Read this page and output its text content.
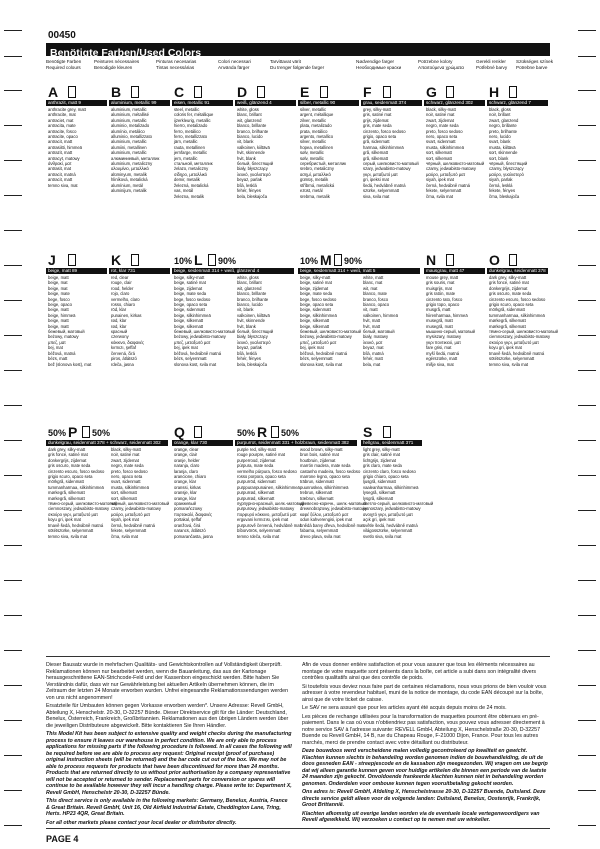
00450
Benötigte Farben/Used Colors
Benötigte Farben
Required colours
Peintures nécessaires
Benodigde kleuren
Pinturas necesarias
Tintas necessárias
Colori necessari
Använda färger
Tarvittavat värit
Du trenger følgende farger
Nødvendige farger
Необходимые краски
Potrzebne kolory
Απαιτούμενα χρώματα
Gerekli renkler
Potřebné barvy
Szükséges színek
Potrebne barve
A
anthrazit, matt 9
anthracite grey, matt
anthracite, mat
antraciet, mat
antracita, mate
antracite, fosco
antracite, opaco
antracit, matt
antrasiitti, himmeä
antrazit, matt
antracyt, matowy
άνθρακί, ματ
antrasit, mat
antracit, matná
antracit, matt
temno siva, mat
B
aluminium, metallic 99
aluminium, metallic
aluminium, métallisé
aluminium, metallic
aluminio, metalizado
alumínio, metálico
alluminio, metallizzato
aluminium, metallic
alumiini, metallinen
aluminium, metallic
алюминиевый, металлик
aluminium, metaliczny
αλουμίνιο, μεταλλικό
alüminyum, metalik
hliníková, metalická
alumínium, metál
aluminijum, metalik
C
eisen, metallic 91
steel, metallic
coloris fer, métallique
ijzerkleurig, metallic
hierro, metalizado
ferro, metálico
ferro, metallizzato
järn, metallic
rauta, metallinen
jernfarge, metallic
jern, metallic
стальной, металлик
żelazo, metaliczny
σίδηρο, μεταλλικό
demir, metalik
železná, metalická
vas, metál
železna, metalik
D
weiß, glänzend 4
white, gloss
blanc, brillant
wit, glanzend
blanco, brillante
branco, brilhante
bianco, lucido
vit, blank
valkoinen, kiiltävä
hvit, skinnende
hvit, blank
белый, блестящий
biały, błyszczący
λευκό, γυαλιστερό
beyaz, parlak
bílá, lesklá
fehér, fényes
bela, bleskajoča
E
silber, metallic 90
silver, metallic
argent, métallique
zilver, metallic
plata, metalizado
prata, metálico
argento, metallico
silver, metallic
hopea, metallinen
sølv, metallic
sølv, metallic
серебристый, металлик
srebro, metaliczny
ασημί, μεταλλικό
gümüş, metalik
stříbrná, metalická
ezüst, metál
srebrna, metalik
F
grau, seidenmatt 374
grey, silky-matt
gris, satiné mat
grijs, zijdemat
gris, mate seda
cinzento, fosco sedoso
grigio, opaco seta
grå, sidenmatt
harmaa, silkinhimmeä
grå, silkematt
grå, silkematt
серый, шелковисто-матовый
szary, jedwabisto-matowy
γκρι, μεταξωτό ματ
gri, ipeksi mat
šedá, hedvábně matná
szürke, selyemmatt
siva, svila mat
G
schwarz, glänzend 302
black, silky-matt
noir, satiné mat
zwart, zijdemat
negro, mate seda
preto, fosco sedoso
nero, opaco seta
svart, sidenmatt
musta, silkinhimmeä
sort, silkematt
sort, silkematt
чёрный, шелковисто-матовый
czarny, jedwabisto-matowy
μαύρο, μεταξωτό ματ
siyah, ipek mat
černá, hedvábně matná
fekete, selyemmatt
črna, svila mat
H
schwarz, glänzend 7
black, gloss
noir, brillant
zwart, glanzend
negro, brillante
preto, brilhante
nero, lucido
svart, blank
musta, kiiltävä
sort, skinnende
sort, blank
чёрный, блестящий
czarny, błyszczący
μαύρο, γυαλιστερό
siyah, parlak
černá, lesklá
fekete, fényes
črna, bleskajoča
J
beige, matt 89
beige, matt
beige, mat
beige, mat
beige, mate
bege, fosco
beige, opaco
beige, matt
beige, himmeä
beige, matt
beige, matt
бежевый, матовый
beżowy, matowy
μπεζ, ματ
bej, mat
béžová, matná
bézs, matt
bež (slonova kost), mat
K
rot, klar 731
red, clear
rouge, clair
rood, helder
rojo, claro
vermelho, claro
rosso, chiaro
röd, klar
punainen, kirkas
rød, klar
rød, klar
красный
czerwony
κόκκινο, διαφανές
kırmızı, şeffaf
červená, čirá
piros, átlátszó
rdeča, jasna
10% L 90%
beige, seidenmatt 314 + weiß, glänzend 4
beige, silky-matt
beige, satiné mat
beige, zijdemat
beige, mate seda
bege, fosco sedoso
beige, opaco seta
beige, sidenmatt
beige, silkinhimmeä
beige, silkematt
beige, silkematt
бежевый, шелковисто-матовый
beżowy, jedwabisto-matowy
μπεζ, μεταξωτό ματ
bej, ipek mat
béžová, hedvábně matná
bézs, selyemmatt
slonova kost, svila mat
white, gloss
blanc, brillant
wit, glanzend
blanco, brillante
branco, brilhante
bianco, lucido
vit, blank
valkoinen, kiiltävä
hvit, skinnende
hvit, blank
белый, блестящий
biały, błyszczący
λευκό, γυαλιστερό
beyaz, parlak
bílá, lesklá
fehér, fényes
bela, bleskajoča
10% M 90%
beige, seidenmatt 314 + weiß, matt 5
beige, silky-matt
beige, satiné mat
beige, zijdemat
beige, mate seda
bege, fosco sedoso
beige, opaco seta
beige, sidenmatt
beige, silkinhimmeä
beige, silkematt
beige, silkematt
бежевый, шелковисто-матовый
beżowy, jedwabisto-matowy
μπεζ, μεταξωτό ματ
bej, ipek mat
béžová, hedvábně matná
bézs, selyemmatt
slonova kost, svila mat
white, matt
blanc, mat
wit, mat
blanco, mate
branco, fosco
bianco, opaco
vit, matt
valkoinen, himmeä
hvit, matt
hvit, matt
белый, матовый
biały, matowy
λευκό, ματ
beyaz, mat
bílá, matná
fehér, matt
bela, mat
N
mausgrau, matt 47
mouse grey, matt
gris souris, mat
muisgrijs, mat
gris ratón, mate
cinzento rato, fosco
grigio topo, opaco
musgrå, matt
hiirenharmaa, himmeä
musegrå, matt
musegrå, matt
мышино-серый, матовый
mysiszary, matowy
γκρι ποντικιού, ματ
fare grisi, mat
myší šedá, matná
egérszürke, matt
mišje siva, mat
O
dunkelgrau, seidenmatt 378
dark grey, silky-matt
gris foncé, satiné mat
donkergrijs, zijdemat
gris oscuro, mate seda
cinzento escuro, fosco sedoso
grigio scuro, opaco seta
mörkgrå, sidenmatt
tummanharmaa, silkinhimmeä
mørkegrå, silkematt
mørkegrå, silkematt
тёмно-серый, шелковисто-матовый
ciemnoszary, jedwabisto-matowy
σκούρο γκρι, μεταξωτό ματ
koyu gri, ipek mat
tmavě šedá, hedvábně matná
sötétszürke, selyemmatt
temno siva, svila mat
50% P 50%
dunkelgrau, seidenmatt 378 + schwarz, seidenmatt 302
dark grey, silky-matt
gris foncé, satiné mat
donkergrijs, zijdemat
gris oscuro, mate seda
cinzento escuro, fosco sedoso
grigio scuro, opaco seta
mörkgrå, sidenmatt
tummanharmaa, silkinhimmeä
mørkegrå, silkematt
mørkegrå, silkematt
тёмно-серый, шелковисто-матовый
ciemnoszary, jedwabisto-matowy
σκούρο γκρι, μεταξωτό ματ
koyu gri, ipek mat
tmavě šedá, hedvábně matná
sötétszürke, selyemmatt
temno siva, svila mat
black, silky-matt
noir, satiné mat
zwart, zijdemat
negro, mate seda
preto, fosco sedoso
nero, opaco seta
svart, sidenmatt
musta, silkinhimmeä
sort, silkematt
sort, silkematt
чёрный, шелковисто-матовый
czarny, jedwabisto-matowy
μαύρο, μεταξωτό ματ
siyah, ipek mat
černá, hedvábně matná
fekete, selyemmatt
črna, svila mat
Q
orange, klar 730
orange, clear
orange, clair
oranje, helder
naranja, claro
laranja, claro
arancione, chiaro
orange, klar
oranssi, kirkas
oransje, klar
orange, klar
оранжевый
pomarańczowy
πορτοκαλί, διαφανές
portakal, şeffaf
oranžová, čirá
narancs, átlátszó
pomarančasta, jasna
50% R 50%
purpurrot, seidenmatt 331 + holzbraun, seidenmatt 382
purple red, silky-matt
rouge pourpre, satiné mat
purperrood, zijdemat
púrpura, mate seda
vermelho púrpura, fosco sedoso
rosso porpora, opaco seta
purpurröd, sidenmatt
purppuranpunainen, silkinhimmeä
purpurrød, silkematt
purpurrød, silkematt
пурпурно-красный, шелк.-матовый
purpurowy, jedwabisto-matowy
πορφυρό κόκκινο, μεταξωτό ματ
erguvani kırmızısı, ipek mat
purpurově červená, hedvábně mat.
bíborvörös, selyemmatt
temno rdeča, svila mat
wood brown, silky-matt
brun bois, satiné mat
houtbruin, zijdemat
marrón madera, mate seda
castanho madeira, fosco sedoso
marrone legno, opaco seta
träbrun, sidenmatt
puunruskea, silkinhimmeä
trebrun, silkematt
træbrun, silkematt
древесно-коричн., шелк.-матовый
drewnobrązowy, jedwabisto-matowy
καφέ ξύλου, μεταξωτό ματ
odun kahverengisi, ipek mat
hnědá barvy dřeva, hedvábně mat.
fabarna, selyemmatt
drevo plava, svila mat
S
hellgrau, seidenmatt 371
light grey, silky-matt
gris clair, satiné mat
lichtgrijs, zijdemat
gris claro, mate seda
cinzento claro, fosco sedoso
grigio chiaro, opaco seta
ljusgrå, sidenmatt
vaaleanharmaa, silkinhimmeä
lysegrå, silkematt
lysgrå, silkematt
светло-серый, шелковисто-матовый
jasnoszary, jedwabisto-matowy
ανοιχτό γκρι, μεταξωτό ματ
açık gri, ipek mat
světle šedá, hedvábně matná
világosszürke, selyemmatt
svetlo siva, svila mat

Dieser Bausatz wurde in mehrfachen Qualitäts- und Gewichtskontrollen auf Vollständigkeit überprüft. Reklamationen können nur bearbeitet werden, wenn die Bauanleitung, das aus der Kartonage herausgeschnittene EAN-Strichcode-Feld und der Kassenbon eingeschickt werden. Bitte haben Sie Verständnis dafür, dass wir nur Gewährleistung bei aktuellen Artikeln übernehmen können, die im Zeitraum der letzten 24 Monate erworben wurden. Unfrei eingesandte Reklamationssendungen werden von uns nicht angenommen!

Ersatzteile für Umbauten können gegen Vorkasse erworben werden*. Unsere Adresse: Revell GmbH, Abteilung X, Henschelstr. 20-30, D-32257 Bünde. Dieser Direktservice gilt für die Länder: Deutschland, Benelux, Österreich, Frankreich, Großbritannien. Reklamationen aus den übrigen Ländern werden über die jeweiligen Distributeure abgewickelt. Bitte kontaktieren Sie Ihren Händler.

This Model Kit has been subject to extensive quality and weight checks during the manufacturing process to ensure it leaves our warehouse in perfect condition. We are only able to process applications for missing parts if the following procedure is followed. In all cases the following will be required before we are able to process any request: Original receipt (proof of purchase) original instruction sheets (will be returned) and the bar code cut out of the box. We may not be able to process requests for products that have been discontinued for more than 24 months. Products that are returned directly to us without prior authorisation by a company representative will not be accepted or returned to sender. Replacement parts for conversion or spares will continue to be available however they will incur a handling charge. Please write to: Department X, Revell GmbH, Henschelstr 20-30, D-32257 Bünde.

This direct service is only available in the following markets: Germany, Benelux, Austria, France & Great Britain. Revell GmbH, Unit 16, Old Airfield Industrial Estate, Cheddington Lane, Tring, Herts. HP23 4QR, Great Britain.

For all other markets please contact your local dealer or distributor directly.

Afin de vous donner entière satisfaction et pour vous assurer que tous les éléments nécessaires au montage de votre maquette sont présents dans la boîte, cet article a subi dans son intégralité divers contrôles qualitatifs ainsi que des contrôle de poids.

Si toutefois vous deviez nous faire part de certaines réclamations, nous vous prions de bien vouloir vous adresser à votre revendeur habituel, muni de la notice de montage, du code EAN découpé sur la boîte, ainsi que de votre ticket de caisse.

Le SAV ne sera assuré que pour les articles ayant été acquis depuis moins de 24 mois.

Les pièces de rechange utilisées pour la transformation de maquettes pourront être obtenues en pré-paiement. Dans le cas où vous n'obtiendriez pas satisfaction, vous pouvez vous adresser directement à notre service SAV à l'adresse suivante: REVELL GmbH, Abteilung X, Henschelstraße 20-30, D-32257 Buende ou Revell GmbH, 14 B, rue du Chapeau Rouge, F-21000 Dijon, France. Pour tous les autres marchés, merci de prendre contact avec votre détaillant ou distributeur.

Deze bouwdoos werd verscheidene malen volledig gecontroleerd op kwaliteit en gewicht. Klachten kunnen slechts in behandeling worden genomen indien de bouwhandleiding, de uit de doos gesneden EAN - streepjescode en de kassabon zijn meegezonden. Wij vragen om uw begrip dat wij alleen garantie kunnen geven voor huidige artikelen die binnen een periode van de laatste 24 maanden zijn gekocht. Onvoldoende frankeerde klachten kunnen niet in behandeling worden genomen. Onderdelen voor ombouw kunnen tegen vooruitbetaling gekocht worden.

Ons adres is: Revell GmbH, Afdeling X, Henschelstrasse 20-30, D-32257 Buende, Duitsland. Deze directe service geldt alleen voor de volgende landen: Duitsland, Benelux, Oostenrijk, Frankrijk, Groot Brittannië.

Klachten afkomstig uit overige landen worden via de eventuele locale vertegenwoordigers van Revell afgewikkeld. Wij verzoeken u contact op te nemen met uw winkelier.

PAGE 4
